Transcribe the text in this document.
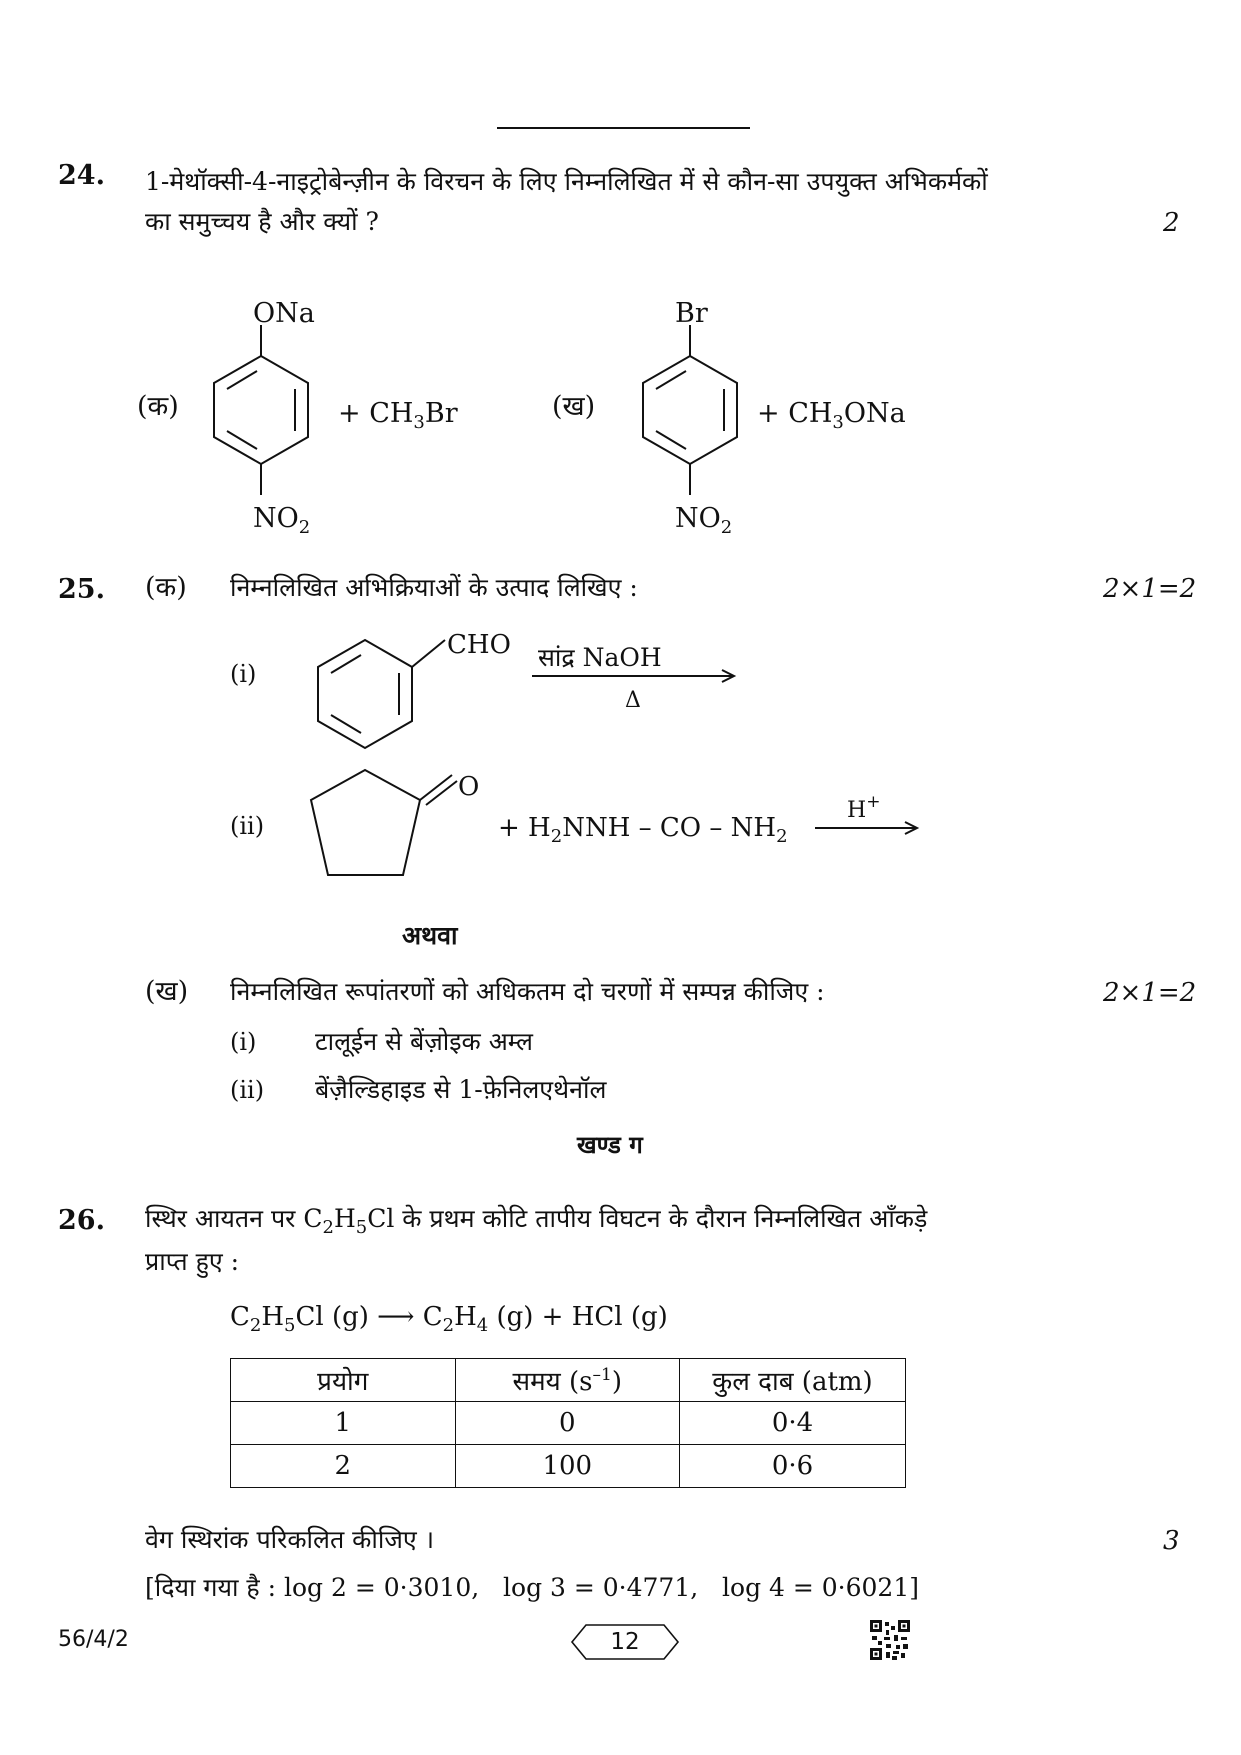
24. 1-मेथॉक्सी-4-नाइट्रोबेन्ज़ीन के विरचन के लिए निम्नलिखित में से कौन-सा उपयुक्त अभिकर्मकों
का समुच्चय है और क्यों ?	2
(क)
ONa
$NO_2$
+ $CH_3Br$	(ख)
Br
$NO_2$
+ $CH_3ONa$
25. (क) निम्नलिखित अभिक्रियाओं के उत्पाद लिखिए :	2×1=2
(i)
CHO सांद्र NaOH
Δ
(ii)
O
+ $H_2NNH$ – CO – $NH_2$
H+
अथवा
(ख) निम्नलिखित रूपांतरणों को अधिकतम दो चरणों में सम्पन्न कीजिए :	2×1=2
(i) टालूईन से बेंज़ोइक अम्ल
(ii) बेंज़ैल्डिहाइड से 1-फ़ेनिलएथेनॉल
खण्ड ग
26. स्थिर आयतन पर $C_2H_5Cl$ के प्रथम कोटि तापीय विघटन के दौरान निम्नलिखित आँकड़े
प्राप्त हुए :
$C_2H_5Cl$ (g) ⟶ $C_2H_4$ (g) + HCl (g)
प्रयोग	समय $(s^{-1})$	कुल दाब (atm)
1	0	0·4
2	100	0·6
वेग स्थिरांक परिकलित कीजिए ।	3
[दिया गया है : log 2 = 0·3010,   log 3 = 0·4771,   log 4 = 0·6021]
56/4/2	12
